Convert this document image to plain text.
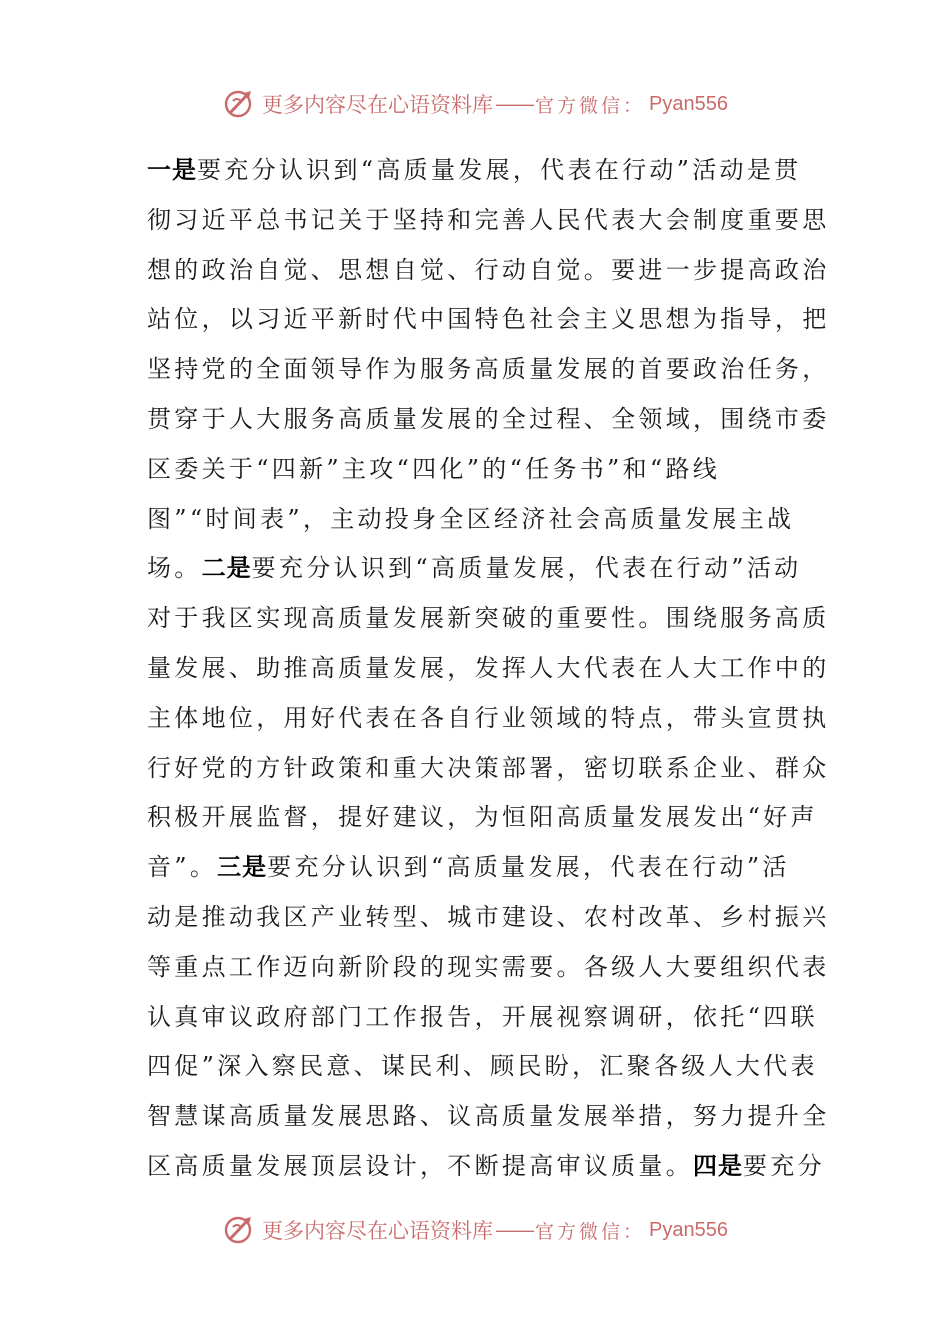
更多内容尽在心语资料库 —— 官方微信： Pyan556
一是要充分认识到“高质量发展，代表在行动”活动是贯
彻习近平总书记关于坚持和完善人民代表大会制度重要思
想的政治自觉、思想自觉、行动自觉。要进一步提高政治
站位，以习近平新时代中国特色社会主义思想为指导，把
坚持党的全面领导作为服务高质量发展的首要政治任务，
贯穿于人大服务高质量发展的全过程、全领域，围绕市委
区委关于“四新”主攻“四化”的“任务书”和“路线
图”“时间表”，主动投身全区经济社会高质量发展主战
场。二是要充分认识到“高质量发展，代表在行动”活动
对于我区实现高质量发展新突破的重要性。围绕服务高质
量发展、助推高质量发展，发挥人大代表在人大工作中的
主体地位，用好代表在各自行业领域的特点，带头宣贯执
行好党的方针政策和重大决策部署，密切联系企业、群众
积极开展监督，提好建议，为恒阳高质量发展发出“好声
音”。三是要充分认识到“高质量发展，代表在行动”活
动是推动我区产业转型、城市建设、农村改革、乡村振兴
等重点工作迈向新阶段的现实需要。各级人大要组织代表
认真审议政府部门工作报告，开展视察调研，依托“四联
四促”深入察民意、谋民利、顾民盼，汇聚各级人大代表
智慧谋高质量发展思路、议高质量发展举措，努力提升全
区高质量发展顶层设计，不断提高审议质量。四是要充分
更多内容尽在心语资料库 —— 官方微信： Pyan556
